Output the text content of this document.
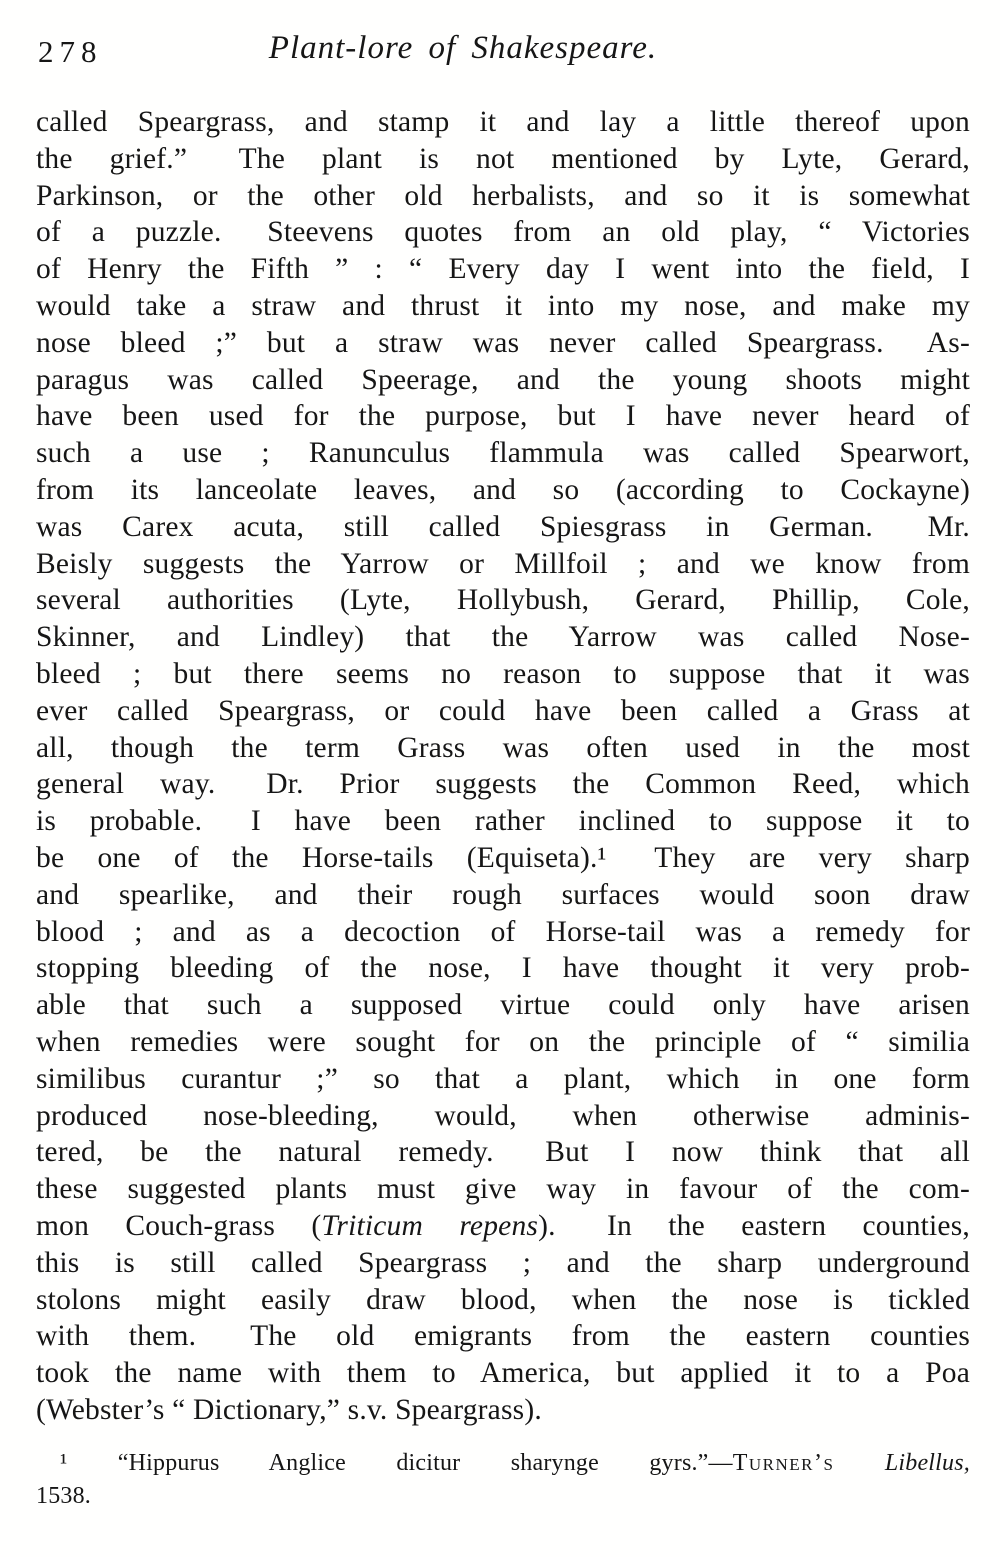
278	Plant-lore of Shakespeare.
called Speargrass, and stamp it and lay a little thereof upon
the grief.”  The plant is not mentioned by Lyte, Gerard,
Parkinson, or the other old herbalists, and so it is somewhat
of a puzzle.  Steevens quotes from an old play, “ Victories
of Henry the Fifth ” : “ Every day I went into the field, I
would take a straw and thrust it into my nose, and make my
nose bleed ;” but a straw was never called Speargrass.  As-
paragus was called Speerage, and the young shoots might
have been used for the purpose, but I have never heard of
such a use ; Ranunculus flammula was called Spearwort,
from its lanceolate leaves, and so (according to Cockayne)
was Carex acuta, still called Spiesgrass in German.  Mr.
Beisly suggests the Yarrow or Millfoil ; and we know from
several authorities (Lyte, Hollybush, Gerard, Phillip, Cole,
Skinner, and Lindley) that the Yarrow was called Nose-
bleed ; but there seems no reason to suppose that it was
ever called Speargrass, or could have been called a Grass at
all, though the term Grass was often used in the most
general way.  Dr. Prior suggests the Common Reed, which
is probable.  I have been rather inclined to suppose it to
be one of the Horse-tails (Equiseta).¹  They are very sharp
and spearlike, and their rough surfaces would soon draw
blood ; and as a decoction of Horse-tail was a remedy for
stopping bleeding of the nose, I have thought it very prob-
able that such a supposed virtue could only have arisen
when remedies were sought for on the principle of “ similia
similibus curantur ;” so that a plant, which in one form
produced nose-bleeding, would, when otherwise adminis-
tered, be the natural remedy.  But I now think that all
these suggested plants must give way in favour of the com-
mon Couch-grass (Triticum repens).  In the eastern counties,
this is still called Speargrass ; and the sharp underground
stolons might easily draw blood, when the nose is tickled
with them.  The old emigrants from the eastern counties
took the name with them to America, but applied it to a Poa
(Webster’s “ Dictionary,” s.v. Speargrass).
¹ “Hippurus Anglice dicitur sharynge gyrs.”—Turner’s Libellus,
1538.
